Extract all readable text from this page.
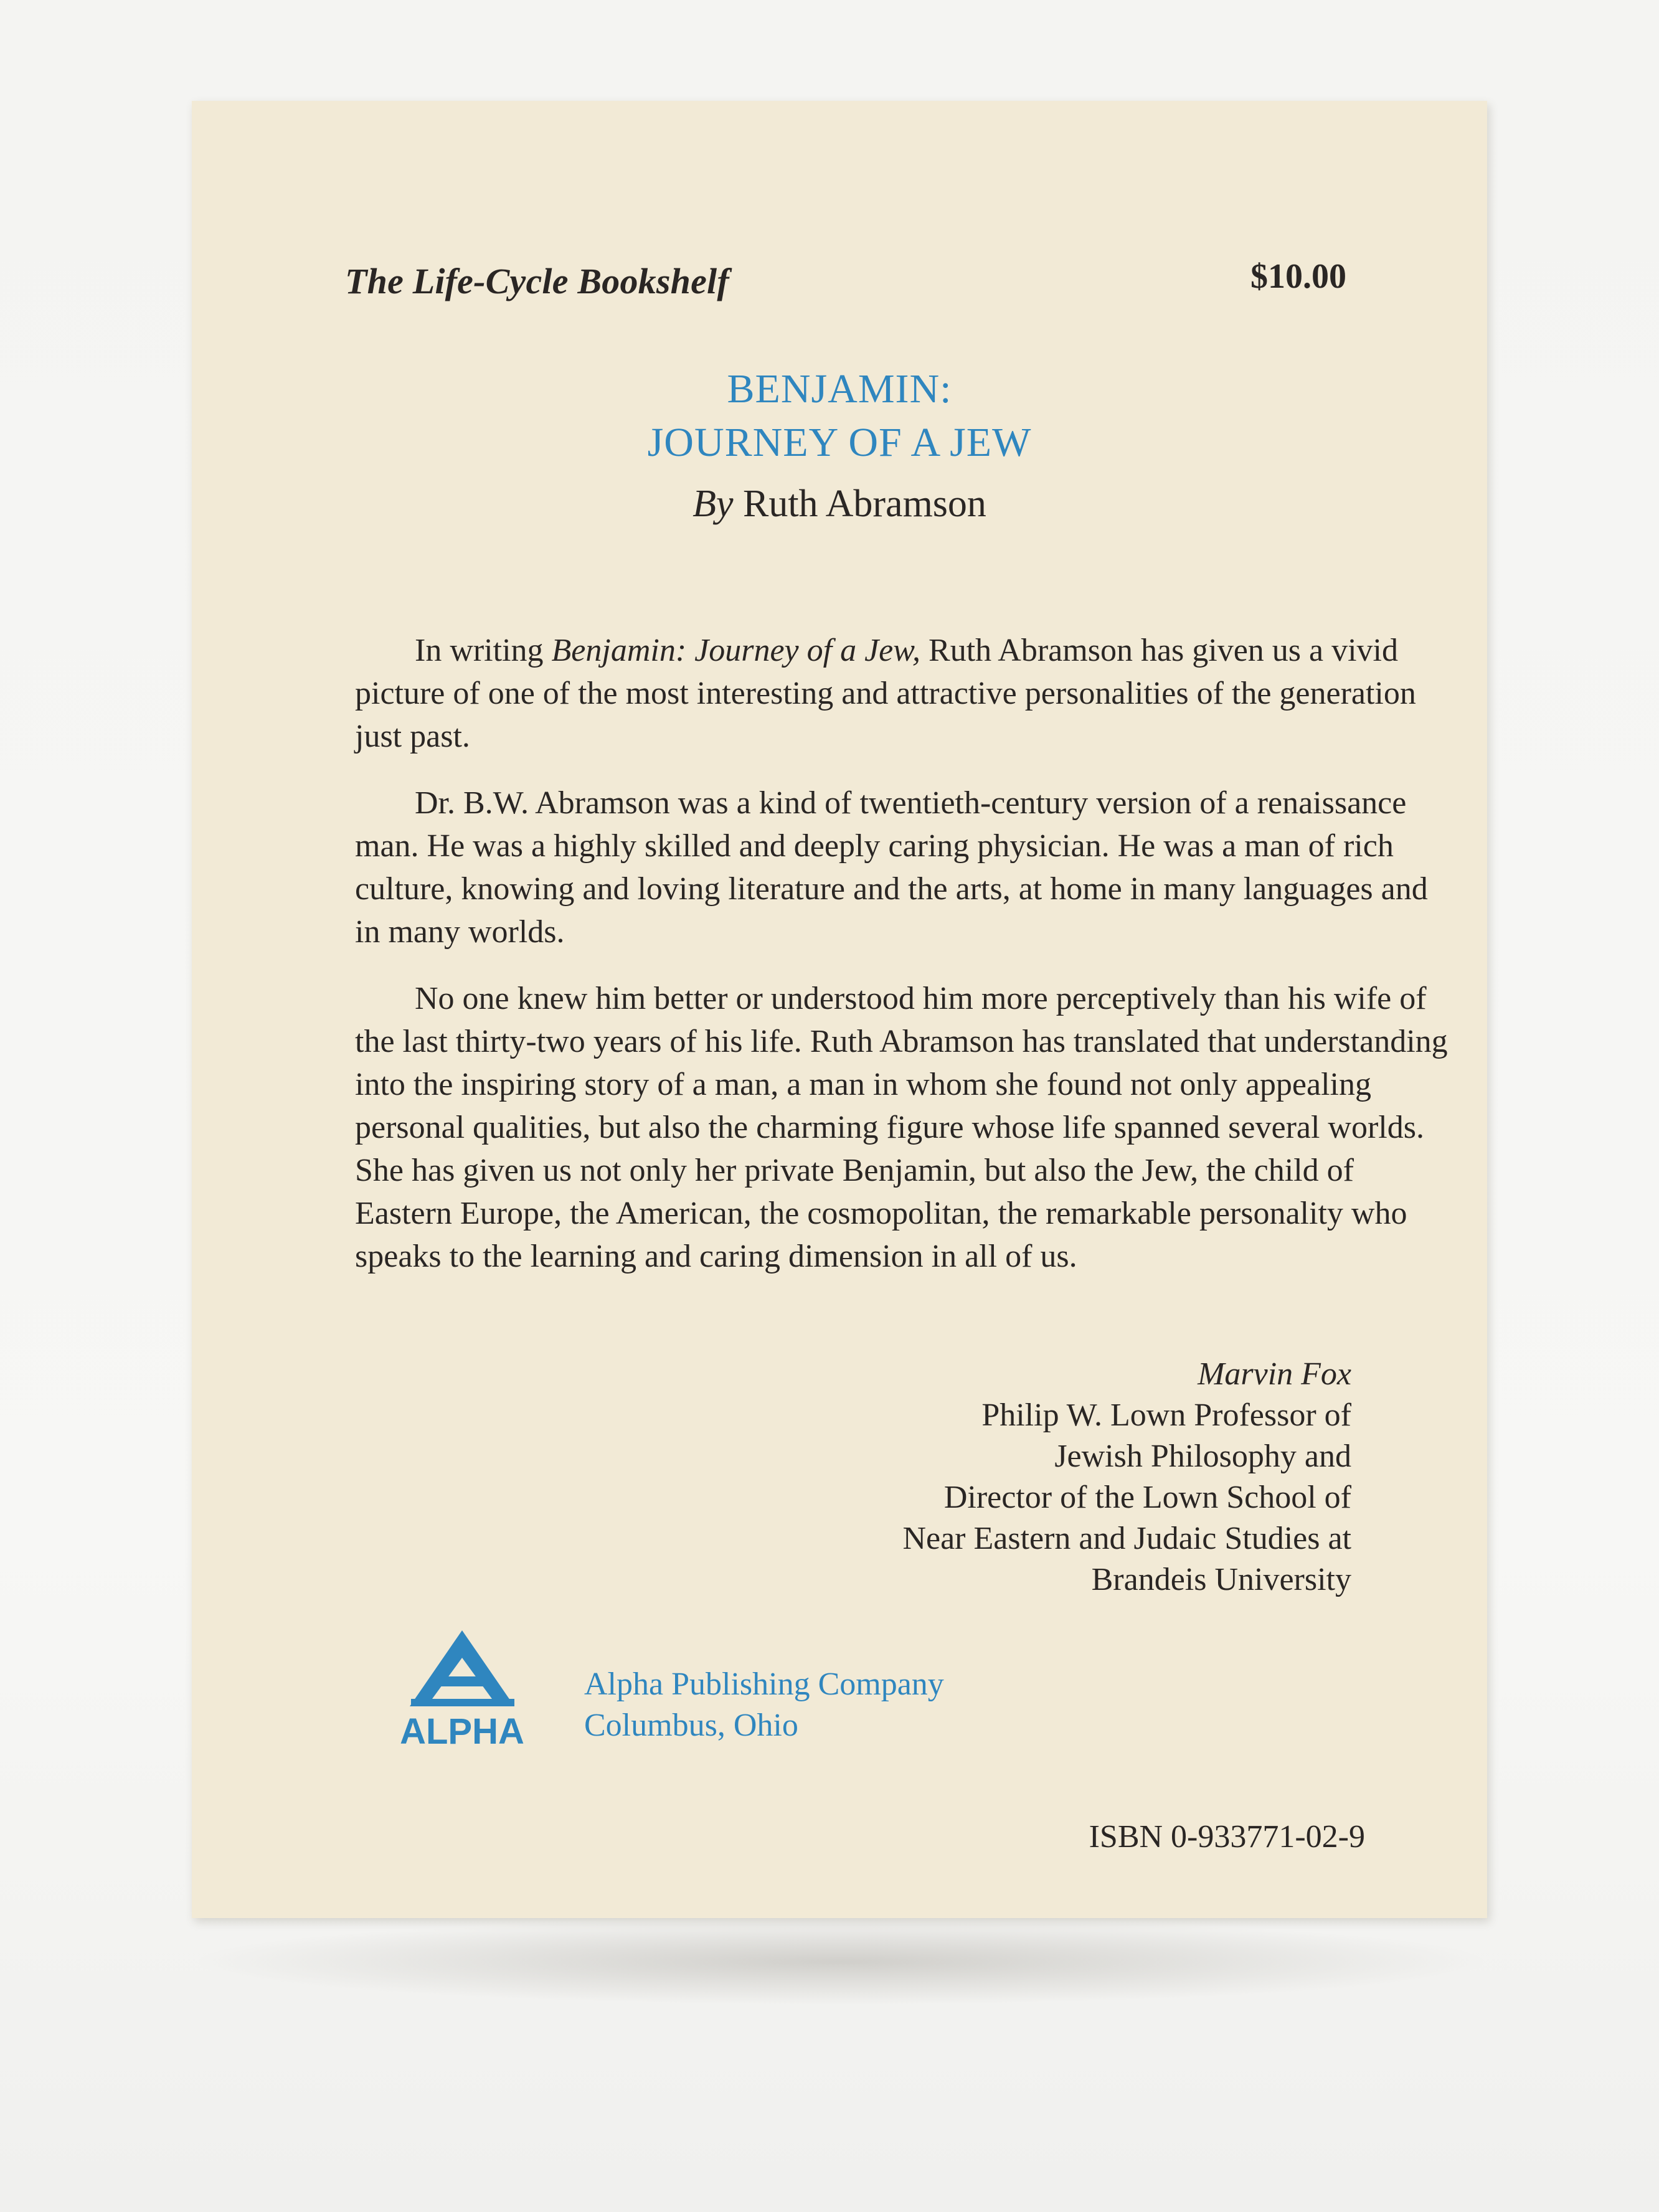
The Life-Cycle Bookshelf	$10.00
BENJAMIN:
JOURNEY OF A JEW
By Ruth Abramson

In writing Benjamin: Journey of a Jew, Ruth Abramson has given us a vivid picture of one of the most interesting and attractive personalities of the generation just past.

Dr. B.W. Abramson was a kind of twentieth-century version of a renaissance man. He was a highly skilled and deeply caring physician. He was a man of rich culture, knowing and loving literature and the arts, at home in many languages and in many worlds.

No one knew him better or understood him more perceptively than his wife of the last thirty-two years of his life. Ruth Abramson has translated that understanding into the inspiring story of a man, a man in whom she found not only appealing personal qualities, but also the charming figure whose life spanned several worlds. She has given us not only her private Benjamin, but also the Jew, the child of Eastern Europe, the American, the cosmopolitan, the remarkable personality who speaks to the learning and caring dimension in all of us.

Marvin Fox
Philip W. Lown Professor of
Jewish Philosophy and
Director of the Lown School of
Near Eastern and Judaic Studies at
Brandeis University
ALPHA
Alpha Publishing Company
Columbus, Ohio
ISBN 0-933771-02-9
